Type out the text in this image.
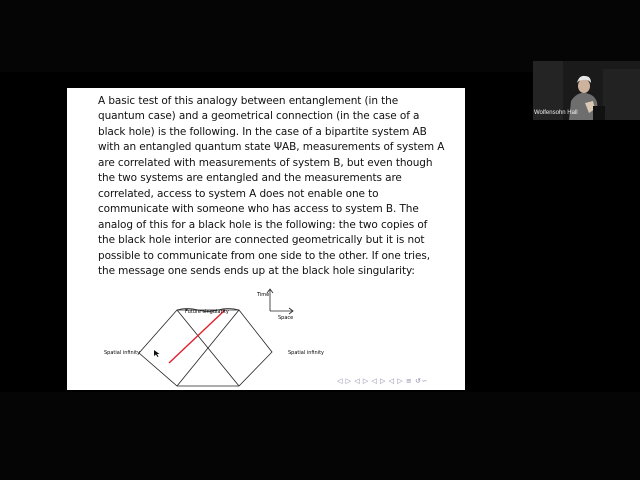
A basic test of this analogy between entanglement (in the
quantum case) and a geometrical connection (in the case of a
black hole) is the following. In the case of a bipartite system AB
with an entangled quantum state ΨAB, measurements of system A
are correlated with measurements of system B, but even though
the two systems are entangled and the measurements are
correlated, access to system A does not enable one to
communicate with someone who has access to system B. The
analog of this for a black hole is the following: the two copies of
the black hole interior are connected geometrically but it is not
possible to communicate from one side to the other. If one tries,
the message one sends ends up at the black hole singularity:
Time
Space
Future singularity
Spatial infinity	Spatial infinity
◁ ▷ ◁ ▷ ◁ ▷ ◁ ▷ ≡ ↺∽
Wolfensohn Hall
